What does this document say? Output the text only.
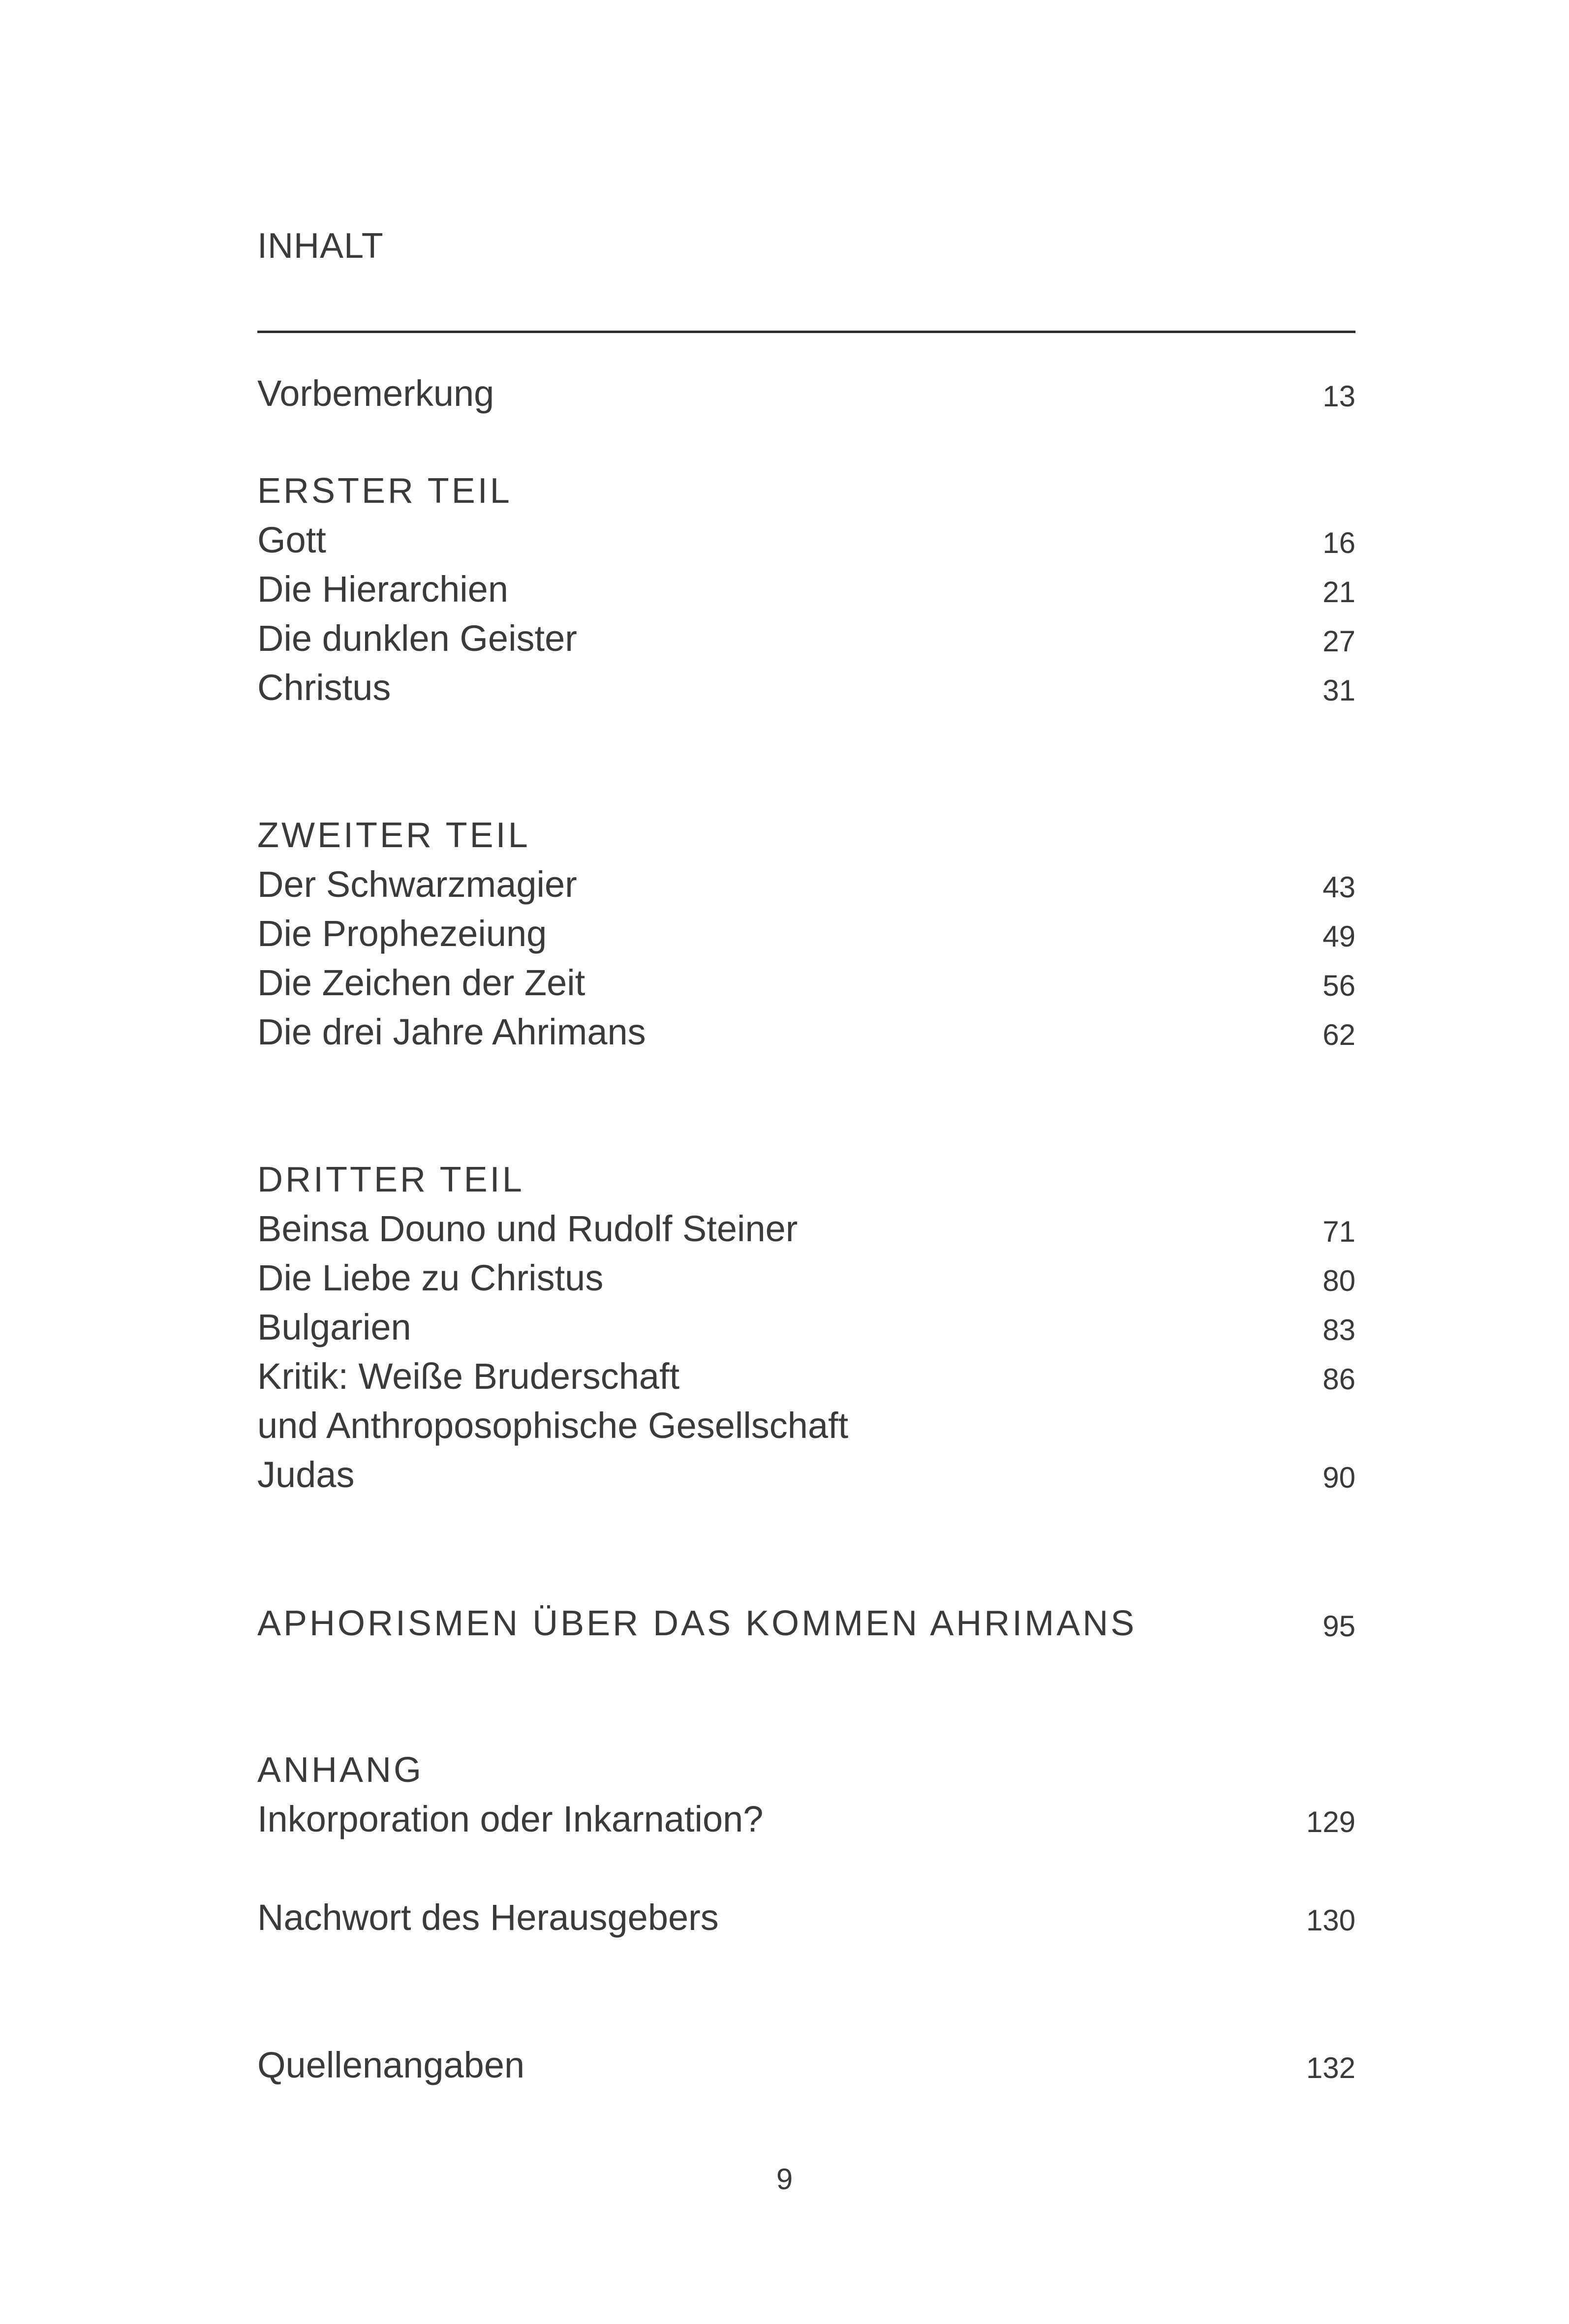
INHALT
Vorbemerkung	13
ERSTER TEIL
Gott	16
Die Hierarchien	21
Die dunklen Geister	27
Christus	31
ZWEITER TEIL
Der Schwarzmagier	43
Die Prophezeiung	49
Die Zeichen der Zeit	56
Die drei Jahre Ahrimans	62
DRITTER TEIL
Beinsa Douno und Rudolf Steiner	71
Die Liebe zu Christus	80
Bulgarien	83
Kritik: Weiße Bruderschaft	86
und Anthroposophische Gesellschaft
Judas	90
APHORISMEN ÜBER DAS KOMMEN AHRIMANS	95
ANHANG
Inkorporation oder Inkarnation?	129
Nachwort des Herausgebers	130
Quellenangaben	132
9
